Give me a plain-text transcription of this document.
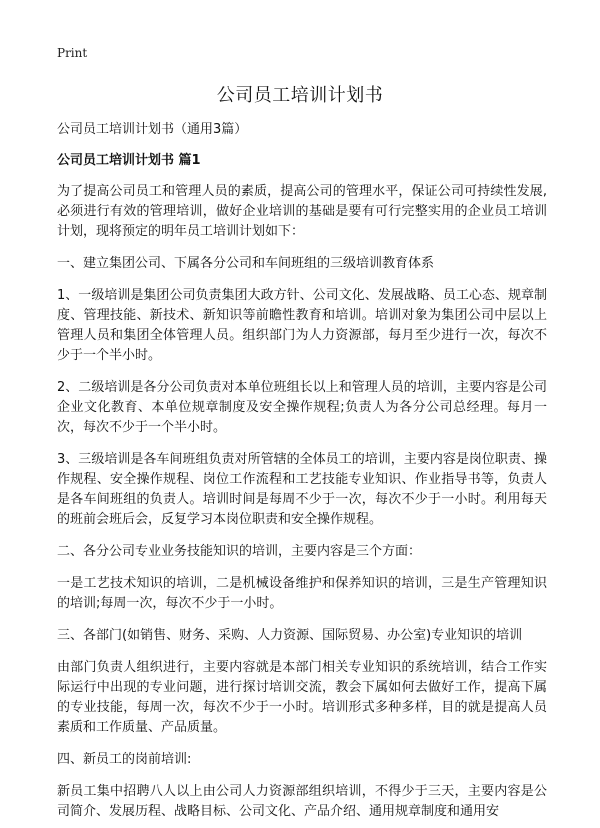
Print
公司员工培训计划书

公司员工培训计划书（通用3篇）

公司员工培训计划书 篇1

为了提高公司员工和管理人员的素质，提高公司的管理水平，保证公司可持续性发展,必须进行有效的管理培训，做好企业培训的基础是要有可行完整实用的企业员工培训计划，现将预定的明年员工培训计划如下：

一、建立集团公司、下属各分公司和车间班组的三级培训教育体系

1、一级培训是集团公司负责集团大政方针、公司文化、发展战略、员工心态、规章制度、管理技能、新技术、新知识等前瞻性教育和培训。培训对象为集团公司中层以上管理人员和集团全体管理人员。组织部门为人力资源部，每月至少进行一次，每次不少于一个半小时。

2、二级培训是各分公司负责对本单位班组长以上和管理人员的培训，主要内容是公司企业文化教育、本单位规章制度及安全操作规程;负责人为各分公司总经理。每月一次，每次不少于一个半小时。

3、三级培训是各车间班组负责对所管辖的全体员工的培训，主要内容是岗位职责、操作规程、安全操作规程、岗位工作流程和工艺技能专业知识、作业指导书等，负责人是各车间班组的负责人。培训时间是每周不少于一次，每次不少于一小时。利用每天的班前会班后会，反复学习本岗位职责和安全操作规程。

二、各分公司专业业务技能知识的培训，主要内容是三个方面：

一是工艺技术知识的培训，二是机械设备维护和保养知识的培训，三是生产管理知识的培训;每周一次，每次不少于一小时。

三、各部门(如销售、财务、采购、人力资源、国际贸易、办公室)专业知识的培训

由部门负责人组织进行，主要内容就是本部门相关专业知识的系统培训，结合工作实际运行中出现的专业问题，进行探讨培训交流，教会下属如何去做好工作，提高下属的专业技能，每周一次，每次不少于一小时。培训形式多种多样，目的就是提高人员素质和工作质量、产品质量。

四、新员工的岗前培训:

新员工集中招聘八人以上由公司人力资源部组织培训，不得少于三天，主要内容是公司简介、发展历程、战略目标、公司文化、产品介绍、通用规章制度和通用安
